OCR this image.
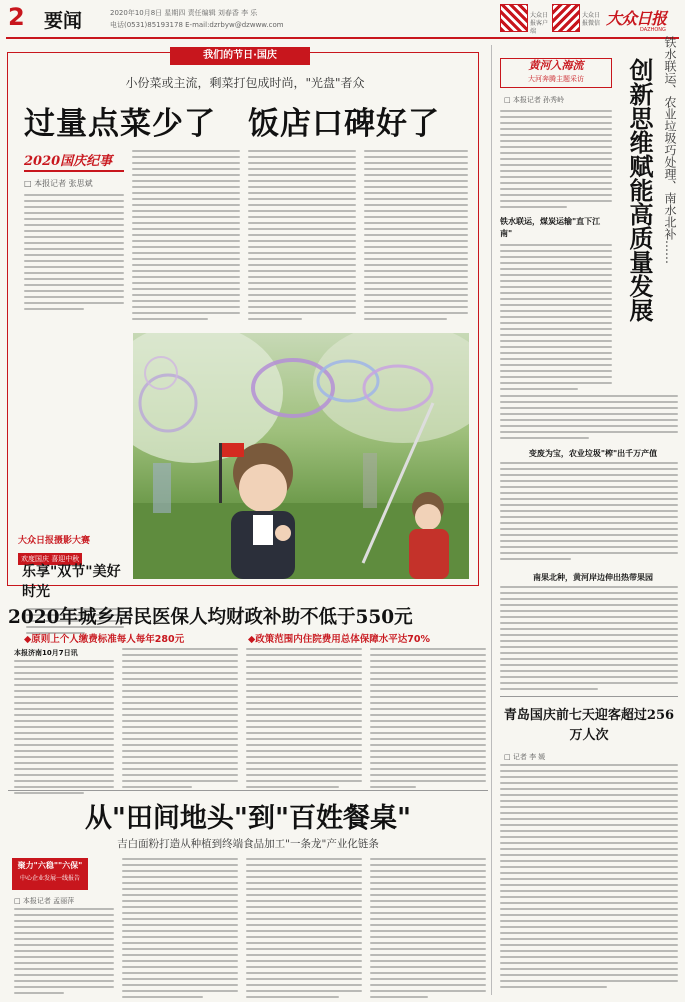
2 要闻	2020年10月8日 星期四 责任编辑 刘春香 李 乐
电话(0531)85193178 E-mail:dzrbyw@dzwww.com
大众日报客户端
大众日报微信 大众日报
DAZHONG
我们的节日·国庆
小份菜或主流，剩菜打包成时尚，"光盘"者众
过量点菜少了　饭店口碑好了
2020国庆纪事
□ 本报记者 张思斌
大众日报摄影大赛
欢度国庆 喜迎中秋
乐享"双节"美好时光
黄河入海流
大河奔腾主题采访
□ 本报记者 孙秀岭	创新思维赋能高质量发展 铁水联运、农业垃圾巧处理、南水北补……
铁水联运，煤炭运输"直下江南"
变废为宝，农业垃圾"榨"出千万产值
南果北种，黄河岸边伸出热带果园
青岛国庆前七天迎客超过256万人次
□ 记者 李 媛
2020年城乡居民医保人均财政补助不低于550元
◆原则上个人缴费标准每人每年280元	◆政策范围内住院费用总体保障水平达70%
本报济南10月7日讯
从"田间地头"到"百姓餐桌"
吉白面粉打造从种植到终端食品加工"一条龙"产业化链条
聚力"六稳""六保"
中心企业发展一线报告
□ 本报记者 孟丽萍
